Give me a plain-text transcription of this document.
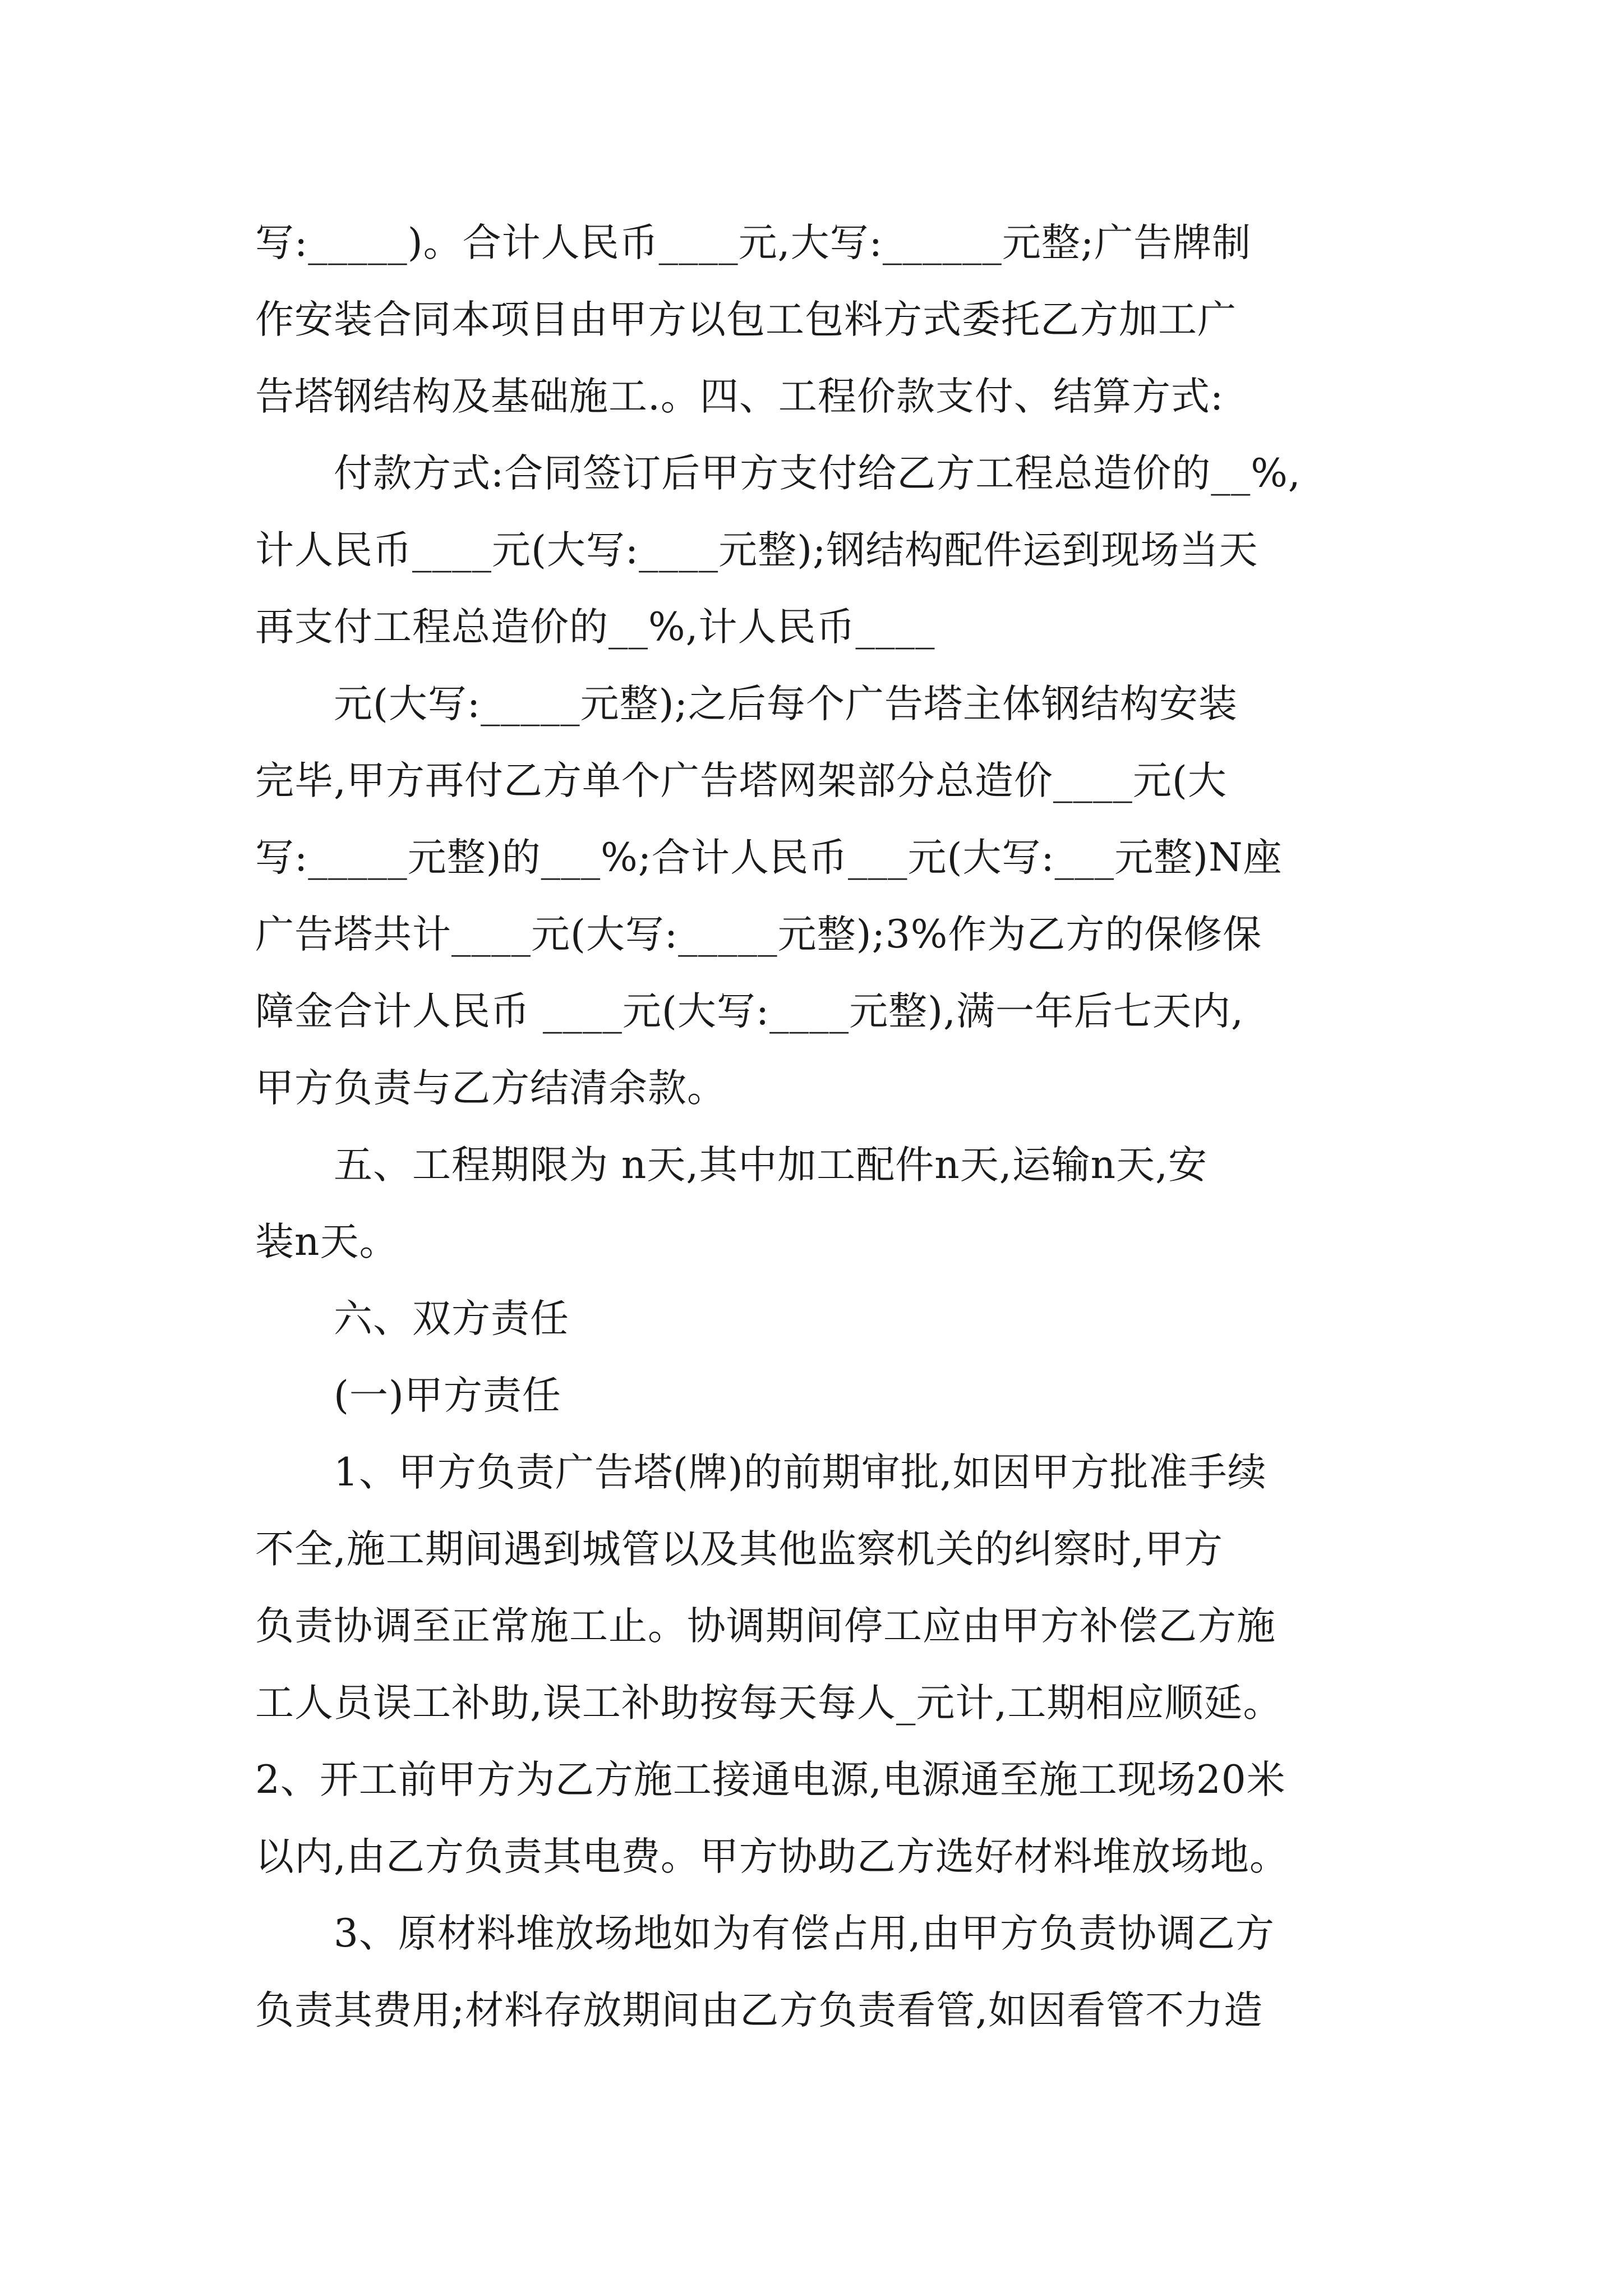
写:_____)。合计人民币____元,大写:______元整;广告牌制
作安装合同本项目由甲方以包工包料方式委托乙方加工广
告塔钢结构及基础施工.。四、工程价款支付、结算方式:
付款方式:合同签订后甲方支付给乙方工程总造价的__%,
计人民币____元(大写:____元整);钢结构配件运到现场当天
再支付工程总造价的__%,计人民币____
元(大写:_____元整);之后每个广告塔主体钢结构安装
完毕,甲方再付乙方单个广告塔网架部分总造价____元(大
写:_____元整)的___%;合计人民币___元(大写:___元整)N座
广告塔共计____元(大写:_____元整);3%作为乙方的保修保
障金合计人民币 ____元(大写:____元整),满一年后七天内,
甲方负责与乙方结清余款。
五、工程期限为 n天,其中加工配件n天,运输n天,安
装n天。
六、双方责任
(一)甲方责任
1、甲方负责广告塔(牌)的前期审批,如因甲方批准手续
不全,施工期间遇到城管以及其他监察机关的纠察时,甲方
负责协调至正常施工止。协调期间停工应由甲方补偿乙方施
工人员误工补助,误工补助按每天每人_元计,工期相应顺延。
2、开工前甲方为乙方施工接通电源,电源通至施工现场20米
以内,由乙方负责其电费。甲方协助乙方选好材料堆放场地。
3、原材料堆放场地如为有偿占用,由甲方负责协调乙方
负责其费用;材料存放期间由乙方负责看管,如因看管不力造
